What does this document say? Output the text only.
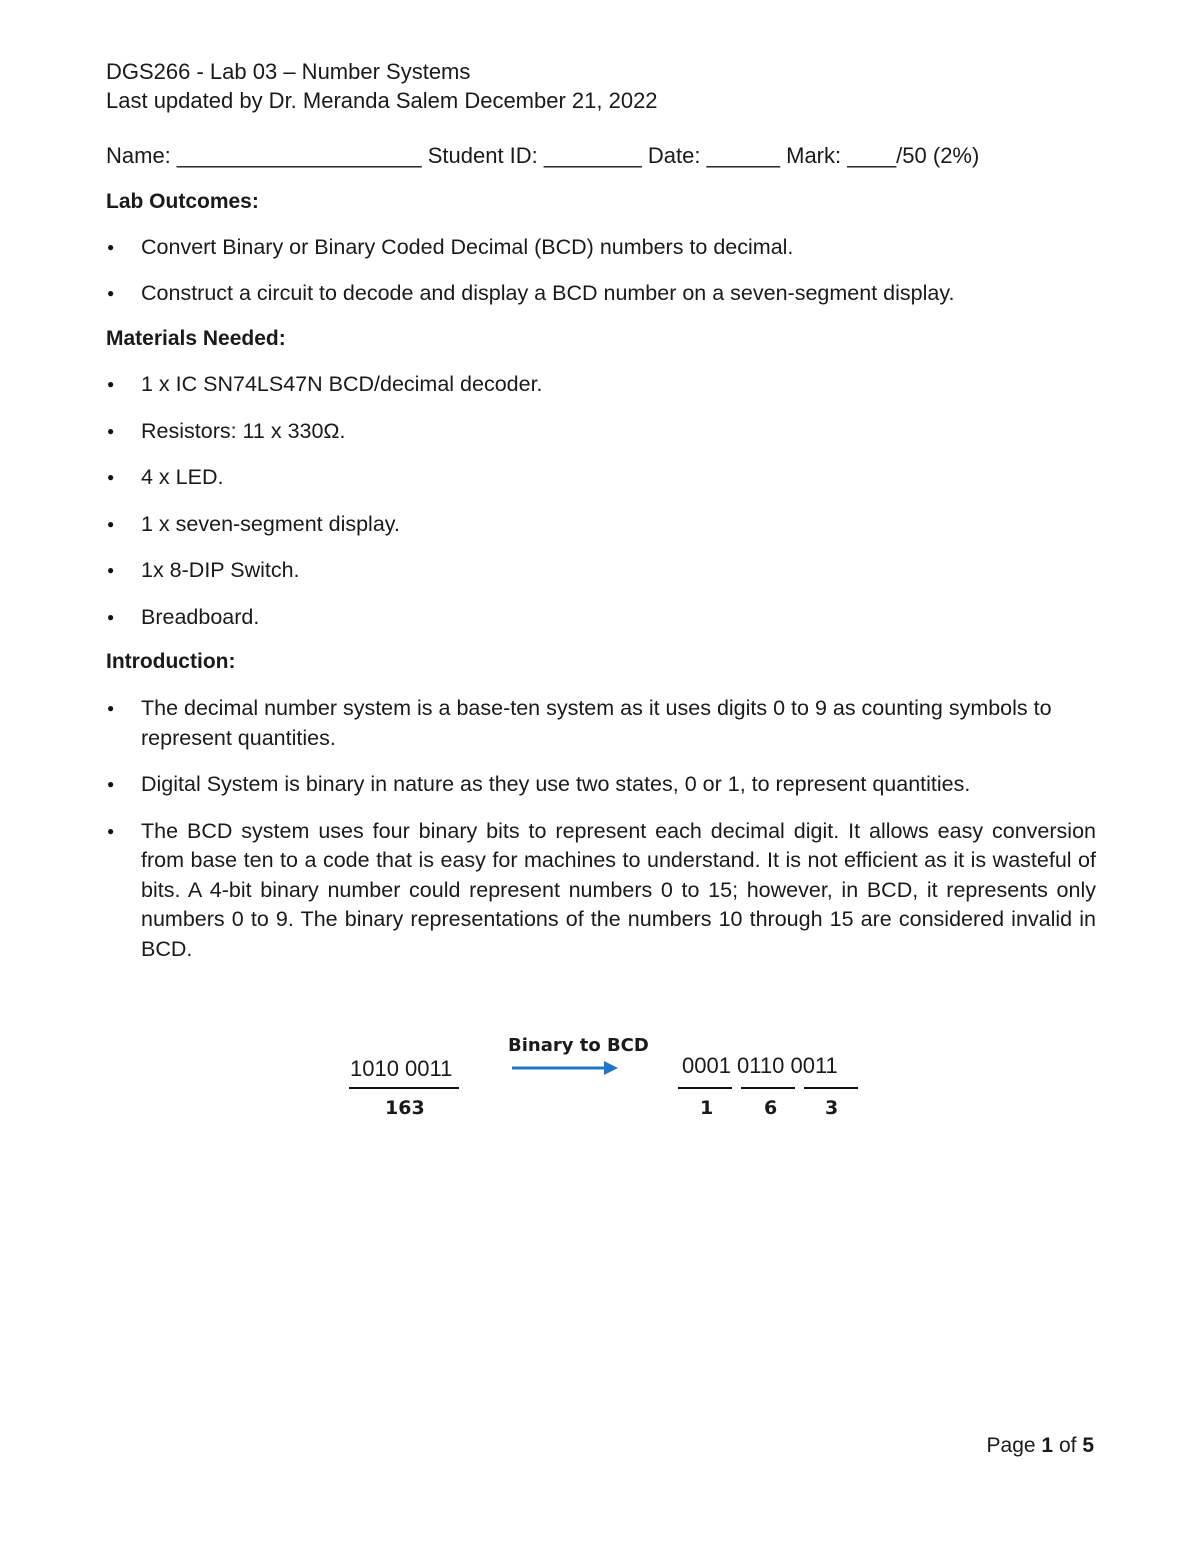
DGS266 - Lab 03 – Number Systems
Last updated by Dr. Meranda Salem December 21, 2022
Name: ____________________ Student ID: ________ Date: ______ Mark: ____/50 (2%)
Lab Outcomes:
● Convert Binary or Binary Coded Decimal (BCD) numbers to decimal.
● Construct a circuit to decode and display a BCD number on a seven-segment display.
Materials Needed:
● 1 x IC SN74LS47N BCD/decimal decoder.
● Resistors: 11 x 330Ω.
● 4 x LED.
● 1 x seven-segment display.
● 1x 8-DIP Switch.
● Breadboard.
Introduction:
● The decimal number system is a base-ten system as it uses digits 0 to 9 as counting symbols to represent quantities.
● Digital System is binary in nature as they use two states, 0 or 1, to represent quantities.
● The BCD system uses four binary bits to represent each decimal digit. It allows easy conversion from base ten to a code that is easy for machines to understand. It is not efficient as it is wasteful of bits. A 4-bit binary number could represent numbers 0 to 15; however, in BCD, it represents only numbers 0 to 9. The binary representations of the numbers 10 through 15 are considered invalid in BCD.
1010 0011
163
Binary to BCD
0001 0110 0011
1	6	3
Page 1 of 5
